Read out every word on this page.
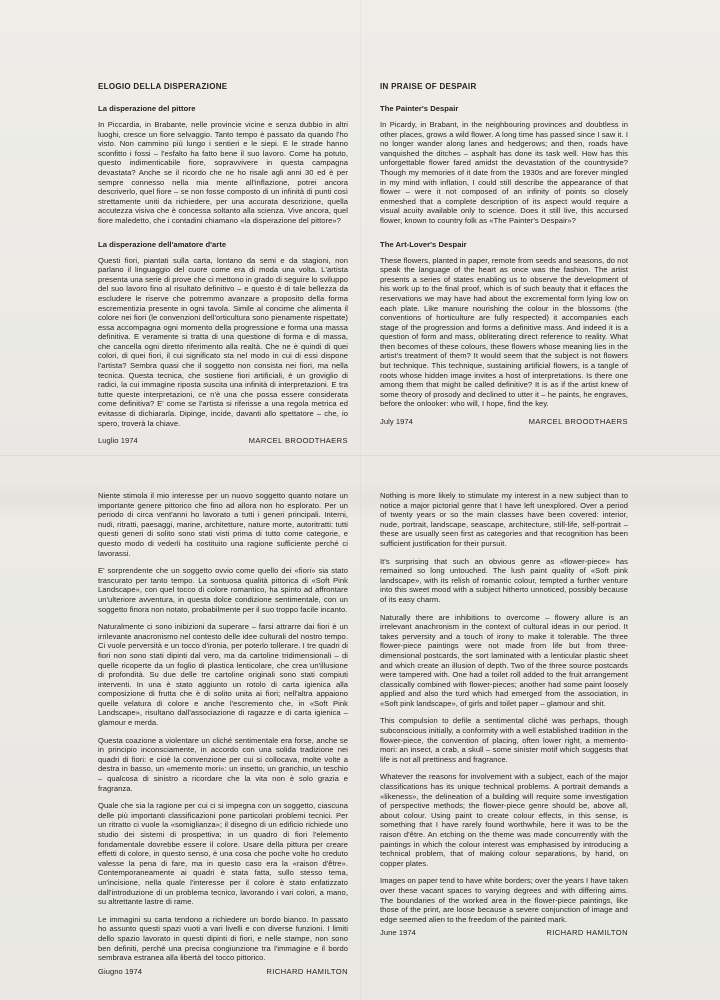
ELOGIO DELLA DISPERAZIONE

La disperazione del pittore

In Piccardia, in Brabante, nelle provincie vicine e senza dubbio in altri luoghi, cresce un fiore selvaggio. Tanto tempo è passato da quando l'ho visto. Non cammino più lungo i sentieri e le siepi. E le strade hanno sconfitto i fossi – l'esfalto ha fatto bene il suo lavoro. Come ha potuto, questo indimenticabile fiore, sopravvivere in questa campagna devastata? Anche se il ricordo che ne ho risale agli anni 30 ed è per sempre connesso nella mia mente all'inflazione, potrei ancora descriverlo, quel fiore – se non fosse composto di un infinità di punti così strettamente uniti da richiedere, per una accurata descrizione, quella accutezza visiva che è concessa soltanto alla scienza. Vive ancora, quel fiore maledetto, che i contadini chiamano «la disperazione del pittore»?

La disperazione dell'amatore d'arte

Questi fiori, piantati sulla carta, lontano da semi e da stagioni, non parlano il linguaggio del cuore come era di moda una volta. L'artista presenta una serie di prove che ci mettono in grado di seguire lo sviluppo del suo lavoro fino al risultato definitivo – e questo è di tale bellezza da escludere le riserve che potremmo avanzare a proposito della forma escrementizia presente in ogni tavola. Simile al concime che alimenta il colore nei fiori (le convenzioni dell'orticultura sono pienamente rispettate) essa accompagna ogni momento della progressione e forma una massa definitiva. E veramente si tratta di una questione di forma e di massa, che cancella ogni diretto riferimento alla realtà. Che ne è quindi di quei colori, di quei fiori, il cui significato sta nel modo in cui di essi dispone l'artista? Sembra quasi che il soggetto non consista nei fiori, ma nella tecnica. Questa tecnica, che sostiene fiori artificiali, è un groviglio di radici, la cui immagine riposta suscita una infinità di interpretazioni. E tra tutte queste interpretazioni, ce n'è una che possa essere considerata come definitiva? E' come se l'artista si riferisse a una regola metrica ed evitasse di dichiararla. Dipinge, incide, davanti allo spettatore – che, io spero, troverà la chiave.

Luglio 1974	MARCEL BROODTHAERS

IN PRAISE OF DESPAIR

The Painter's Despair

In Picardy, in Brabant, in the neighbouring provinces and doubtless in other places, grows a wild flower. A long time has passed since I saw it. I no longer wander along lanes and hedgerows; and then, roads have vanquished the ditches – asphalt has done its task well. How has this unforgettable flower fared amidst the devastation of the countryside? Though my memories of it date from the 1930s and are forever mingled in my mind with inflation, I could still describe the appearance of that flower – were it not composed of an infinity of points so closely enmeshed that a complete description of its aspect would require a visual acuity available only to science. Does it still live, this accursed flower, known to country folk as «The Painter's Despair»?

The Art-Lover's Despair

These flowers, planted in paper, remote from seeds and seasons, do not speak the language of the heart as once was the fashion. The artist presents a series of states enabling us to observe the development of his work up to the final proof, which is of such beauty that it effaces the reservations we may have had about the excremental form lying low on each plate. Like manure nourishing the colour in the blossoms (the conventions of horticulture are fully respected) it accompanies each stage of the progression and forms a definitive mass. And indeed it is a question of form and mass, obliterating direct reference to reality. What then becomes of these colours, these flowers whose meaning lies in the artist's treatment of them? It would seem that the subject is not flowers but technique. This technique, sustaining artificial flowers, is a tangle of roots whose hidden image invites a host of interpretations. Is there one among them that might be called definitive? It is as if the artist knew of some theory of prosody and declined to utter it – he paints, he engraves, before the onlooker: who will, I hope, find the key.

July 1974	MARCEL BROODTHAERS

Niente stimola il mio interesse per un nuovo soggetto quanto notare un importante genere pittorico che fino ad allora non ho esplorato. Per un periodo di circa vent'anni ho lavorato a tutti i generi principali. Interni, nudi, ritratti, paesaggi, marine, architetture, nature morte, autoritratti: tutti questi generi di solito sono stati visti prima di tutto come categorie, e questo modo di vederli ha costituito una ragione sufficiente perché ci lavorassi.

E' sorprendente che un soggetto ovvio come quello dei «fiori» sia stato trascurato per tanto tempo. La sontuosa qualità pittorica di «Soft Pink Landscape», con quel tocco di colore romantico, ha spinto ad affrontare un'ulteriore avventura, in questa dolce condizione sentimentale, con un soggetto finora non notato, probabilmente per il suo troppo facile incanto.

Naturalmente ci sono inibizioni da superare – farsi attrarre dai fiori è un irrilevante anacronismo nel contesto delle idee culturali del nostro tempo. Ci vuole perversità e un tocco d'ironia, per poterlo tollerare. I tre quadri di fiori non sono stati dipinti dal vero, ma da cartoline tridimensionali – di quelle ricoperte da un foglio di plastica lenticolare, che crea un'illusione di profondità. Su due delle tre cartoline originali sono stati compiuti interventi. In una è stato aggiunto un rotolo di carta igienica alla composizione di frutta che è di solito unita ai fiori; nell'altra appaiono quelle velatura di colore e anche l'escremento che, in «Soft Pink Landscape», risultano dall'associazione di ragazze e di carta igienica – glamour e merda.

Questa coazione a violentare un cliché sentimentale era forse, anche se in principio inconsciamente, in accordo con una solida tradizione nei quadri di fiori: e cioè la convenzione per cui si collocava, molte volte a destra in basso, un «memento mori»: un insetto, un granchio, un teschio – qualcosa di sinistro a ricordare che la vita non è solo grazia e fragranza.

Quale che sia la ragione per cui ci si impegna con un soggetto, ciascuna delle più importanti classificazioni pone particolari problemi tecnici. Per un ritratto ci vuole la «somiglianza»; il disegno di un edificio richiede uno studio dei sistemi di prospettiva; in un quadro di fiori l'elemento fondamentale dovrebbe essere il colore. Usare della pittura per creare effetti di colore, in questo senso, è una cosa che poche volte ho creduto valesse la pena di fare, ma in questo caso era la «raison d'être». Contemporaneamente ai quadri è stata fatta, sullo stesso tema, un'incisione, nella quale l'interesse per il colore è stato enfatizzato dall'introduzione di un problema tecnico, lavorando i vari colori, a mano, su altrettante lastre di rame.

Le immagini su carta tendono a richiedere un bordo bianco. In passato ho assunto questi spazi vuoti a vari livelli e con diverse funzioni. I limiti dello spazio lavorato in questi dipinti di fiori, e nelle stampe, non sono ben definiti, perché una precisa congiunzione tra l'immagine e il bordo sembrava estranea alla libertà del tocco pittorico.

Giugno 1974	RICHARD HAMILTON

Nothing is more likely to stimulate my interest in a new subject than to notice a major pictorial genre that I have left unexplored. Over a period of twenty years or so the main classes have been covered: interior, nude, portrait, landscape, seascape, architecture, still-life, self-portrait – these are usually seen first as categories and that recognition has been sufficient justification for their pursuit.

It's surprising that such an obvious genre as «flower-piece» has remained so long untouched. The lush paint quality of «Soft pink landscape», with its relish of romantic colour, tempted a further venture into this sweet mood with a subject hitherto unnoticed, possibly because of its easy charm.

Naturally there are inhibitions to overcome – flowery allure is an irrelevant anachronism in the context of cultural ideas in our period. It takes perversity and a touch of irony to make it tolerable. The three flower-piece paintings were not made from life but from three-dimensional postcards, the sort laminated with a lenticular plastic sheet and which create an illusion of depth. Two of the three source postcards were tampered with. One had a toilet roll added to the fruit arrangement classically combined with flower-pieces; another had some paint loosely applied and also the turd which had emerged from the association, in «Soft pink landscape», of girls and toilet paper – glamour and shit.

This compulsion to defile a sentimental cliché was perhaps, though subconscious initially, a conformity with a well established tradition in the flower-piece, the convention of placing, often lower right, a memento-mori: an insect, a crab, a skull – some sinister motif which suggests that life is not all prettiness and fragrance.

Whatever the reasons for involvement with a subject, each of the major classifications has its unique technical problems. A portrait demands a «likeness», the delineation of a building will require some investigation of perspective methods; the flower-piece genre should be, above all, about colour. Using paint to create colour effects, in this sense, is something that I have rarely found worthwhile, here it was to be the raison d'être. An etching on the theme was made concurrently with the paintings in which the colour interest was emphasised by introducing a technical problem, that of making colour separations, by hand, on copper plates.

Images on paper tend to have white borders; over the years I have taken over these vacant spaces to varying degrees and with differing aims. The boundaries of the worked area in the flower-piece paintings, like those of the print, are loose because a severe conjunction of image and edge seemed alien to the freedom of the painted mark.

June 1974	RICHARD HAMILTON
